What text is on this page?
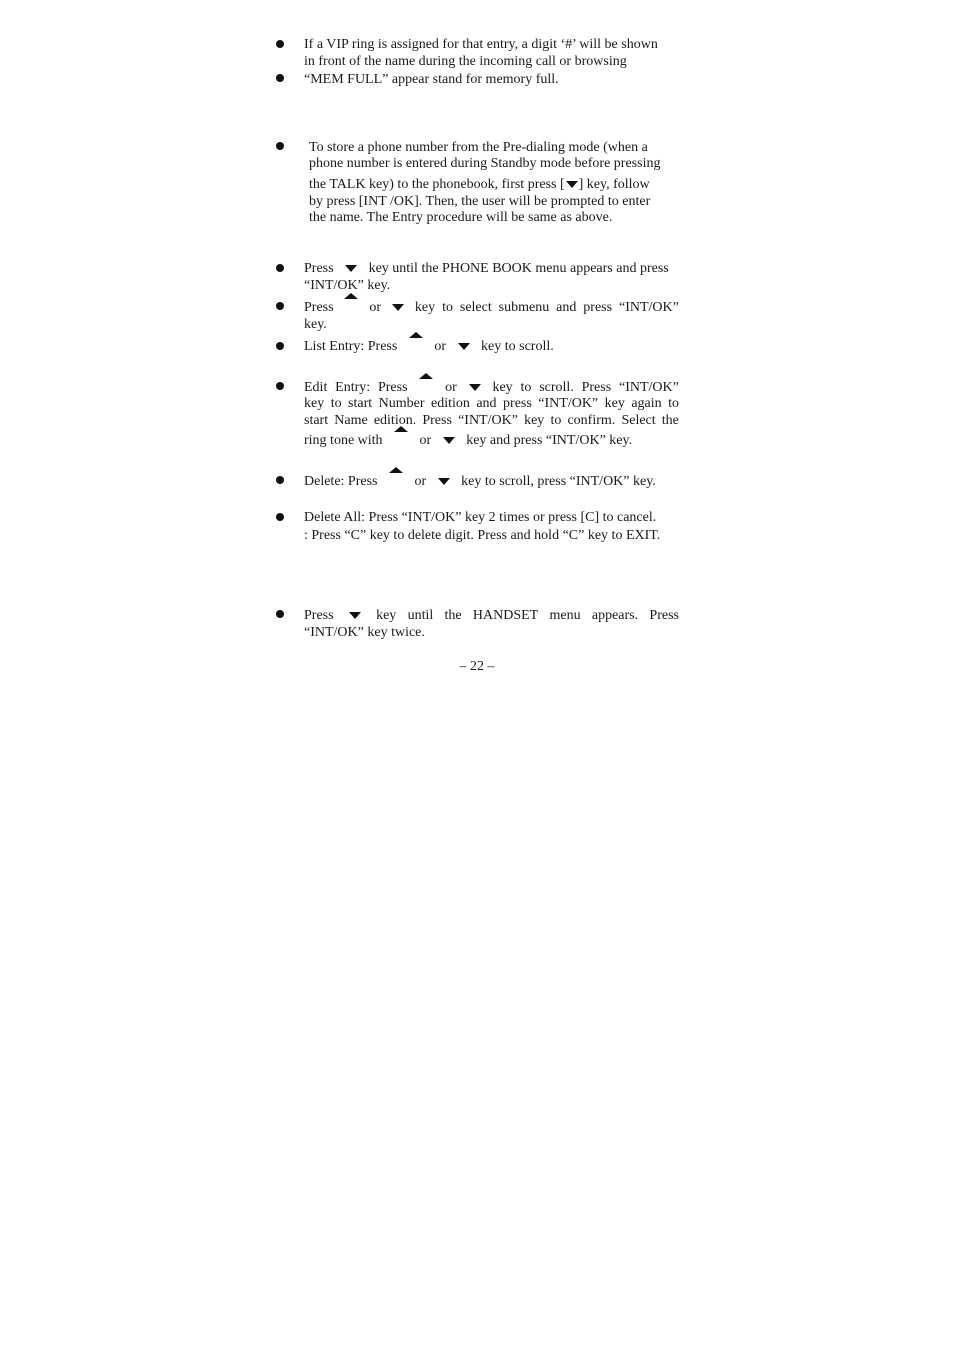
If a VIP ring is assigned for that entry, a digit ‘#’ will be shown
in front of the name during the incoming call or browsing
“MEM FULL” appear stand for memory full.
To store a phone number from the Pre-dialing mode (when a
phone number is entered during Standby mode before pressing
the TALK key) to the phonebook, first press [ ] key, follow
by press [INT /OK]. Then, the user will be prompted to enter
the name. The Entry procedure will be same as above.
Press	key until the PHONE BOOK menu appears and press
“INT/OK” key.
Press	or key to select submenu and press “INT/OK”
key.
List Entry: Press	or	key to scroll.
Edit Entry: Press	or	key to scroll. Press “INT/OK”
key to start Number edition and press “INT/OK” key again to
start Name edition. Press “INT/OK” key to confirm. Select the
ring tone with	or	key and press “INT/OK” key.
Delete: Press	or	key to scroll, press “INT/OK” key.
Delete All: Press “INT/OK” key 2 times or press [C] to cancel.
: Press “C” key to delete digit. Press and hold “C” key to EXIT.
Press	key until the HANDSET menu appears. Press
“INT/OK” key twice.
– 22 –
